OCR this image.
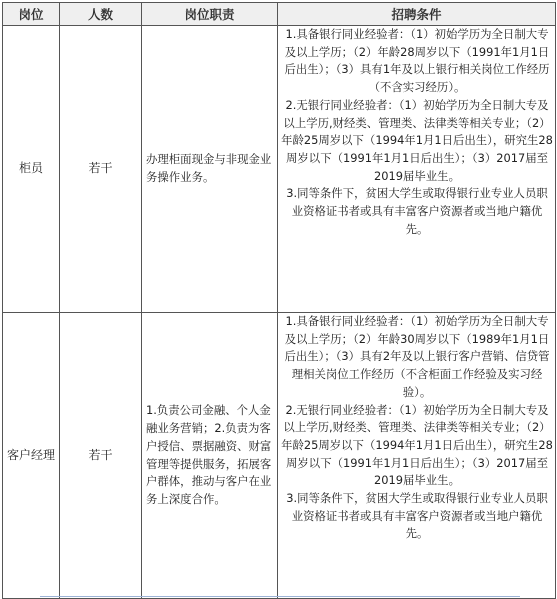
岗位	人数	岗位职责	招聘条件
柜员	若干	办理柜面现金与非现金业务操作业务。	1.具备银行同业经验者：（1）初始学历为全日制大专及以上学历；（2）年龄28周岁以下（1991年1月1日后出生）；（3）具有1年及以上银行相关岗位工作经历（不含实习经历）。

2.无银行同业经验者：（1）初始学历为全日制大专及以上学历,财经类、管理类、法律类等相关专业；（2）年龄25周岁以下（1994年1月1日后出生），研究生28周岁以下（1991年1月1日后出生）；（3）2017届至2019届毕业生。

3.同等条件下，贫困大学生或取得银行业专业人员职业资格证书者或具有丰富客户资源者或当地户籍优先。

客户经理	若干	1.负责公司金融、个人金融业务营销；2.负责为客户授信、票据融资、财富管理等提供服务，拓展客户群体，推动与客户在业务上深度合作。	1.具备银行同业经验者：（1）初始学历为全日制大专及以上学历；（2）年龄30周岁以下（1989年1月1日后出生）；（3）具有2年及以上银行客户营销、信贷管理相关岗位工作经历（不含柜面工作经验及实习经验）。

2.无银行同业经验者：（1）初始学历为全日制大专及以上学历,财经类、管理类、法律类等相关专业；（2）年龄25周岁以下（1994年1月1日后出生），研究生28周岁以下（1991年1月1日后出生）；（3）2017届至2019届毕业生。

3.同等条件下，贫困大学生或取得银行业专业人员职业资格证书者或具有丰富客户资源者或当地户籍优先。
